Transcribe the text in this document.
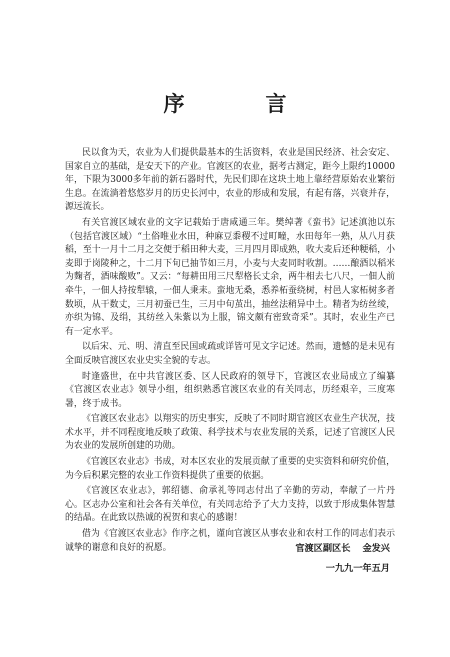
序　言

民以食为天，农业为人们提供最基本的生活资料，农业是国民经济、社会安定、国家自立的基础，是安天下的产业。官渡区的农业，据考古测定，距今上限约10000年，下限为3000多年前的新石器时代，先民们即在这块土地上靠经营原始农业繁衍生息。在流淌着悠悠岁月的历史长河中，农业的形成和发展，有起有落，兴衰并存，源远流长。

有关官渡区域农业的文字记载始于唐咸通三年。樊绰著《蛮书》记述滇池以东（包括官渡区域）“土俗唯业水田，种麻豆黍稷不过町疃，水田每年一熟，从八月获稻，至十一月十二月之交便于稻田种大麦，三月四月即成熟，收大麦后还种粳稻，小麦即于岗陵种之，十二月下旬已抽节如三月，小麦与大麦同时收割。……酿酒以稻米为麴者，酒味酸败”。又云：“每耕田用三尺犁格长丈余，两牛相去七八尺，一佃人前牵牛，一佃人持按犁辕，一佃人秉耒。蛮地无桑，悉养柘蚕绕树，村邑人家柘树多者数顷，从干数丈，三月初蚕已生，三月中旬茧出，抽丝法稍异中土。精者为纺丝绫，亦织为锦、及绢，其纺丝入朱紫以为上服，锦文颇有密致奇采”。其时，农业生产已有一定水平。

以后宋、元、明、清直至民国或疏或详皆可见文字记述。然而，遗憾的是未见有全面反映官渡区农业史实全貌的专志。

时逢盛世，在中共官渡区委、区人民政府的领导下，官渡区农业局成立了编纂《官渡区农业志》领导小组，组织熟悉官渡区农业的有关同志，历经艰辛，三度寒暑，终于成书。

《官渡区农业志》以翔实的历史事实，反映了不同时期官渡区农业生产状况，技术水平，并不同程度地反映了政策、科学技术与农业发展的关系，记述了官渡区人民为农业的发展所创建的功勋。

《官渡区农业志》书成，对本区农业的发展贡献了重要的史实资料和研究价值，为今后积累完整的农业工作资料提供了重要的依据。

《官渡区农业志》，郭绍德、俞承礼等同志付出了辛勤的劳动，奉献了一片丹心。区志办公室和社会各有关单位，有关同志给予了大力支持，以致于形成集体智慧的结晶。在此致以热诚的祝贺和衷心的感谢！

借为《官渡区农业志》作序之机，谨向官渡区从事农业和农村工作的同志们表示诚挚的谢意和良好的祝愿。	官渡区副区长 金发兴
一九九一年五月
